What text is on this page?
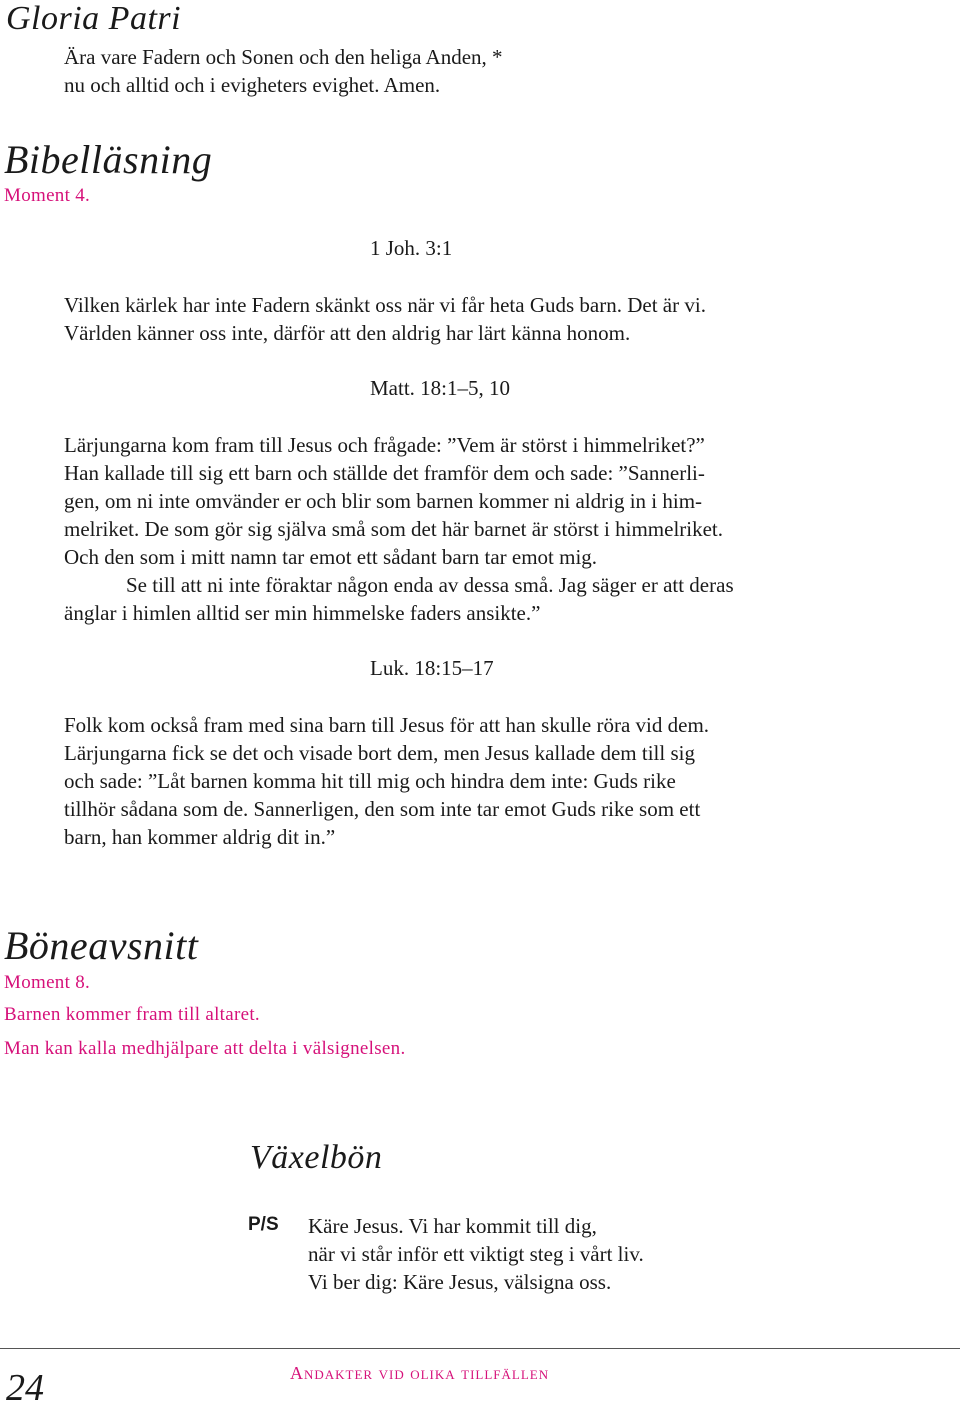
Gloria Patri
Ära vare Fadern och Sonen och den heliga Anden, *
nu och alltid och i evigheters evighet. Amen.
Bibelläsning
Moment 4.
1 Joh. 3:1
Vilken kärlek har inte Fadern skänkt oss när vi får heta Guds barn. Det är vi.
Världen känner oss inte, därför att den aldrig har lärt känna honom.
Matt. 18:1–5, 10
Lärjungarna kom fram till Jesus och frågade: ”Vem är störst i himmelriket?”
Han kallade till sig ett barn och ställde det framför dem och sade: ”Sannerli-
gen, om ni inte omvänder er och blir som barnen kommer ni aldrig in i him-
melriket. De som gör sig själva små som det här barnet är störst i himmelriket.
Och den som i mitt namn tar emot ett sådant barn tar emot mig.
Se till att ni inte föraktar någon enda av dessa små. Jag säger er att deras
änglar i himlen alltid ser min himmelske faders ansikte.”
Luk. 18:15–17
Folk kom också fram med sina barn till Jesus för att han skulle röra vid dem.
Lärjungarna fick se det och visade bort dem, men Jesus kallade dem till sig
och sade: ”Låt barnen komma hit till mig och hindra dem inte: Guds rike
tillhör sådana som de. Sannerligen, den som inte tar emot Guds rike som ett
barn, han kommer aldrig dit in.”
Böneavsnitt
Moment 8.
Barnen kommer fram till altaret.
Man kan kalla medhjälpare att delta i välsignelsen.
Växelbön
P/S Käre Jesus. Vi har kommit till dig,
när vi står inför ett viktigt steg i vårt liv.
Vi ber dig: Käre Jesus, välsigna oss.
24	Andakter vid olika tillfällen
